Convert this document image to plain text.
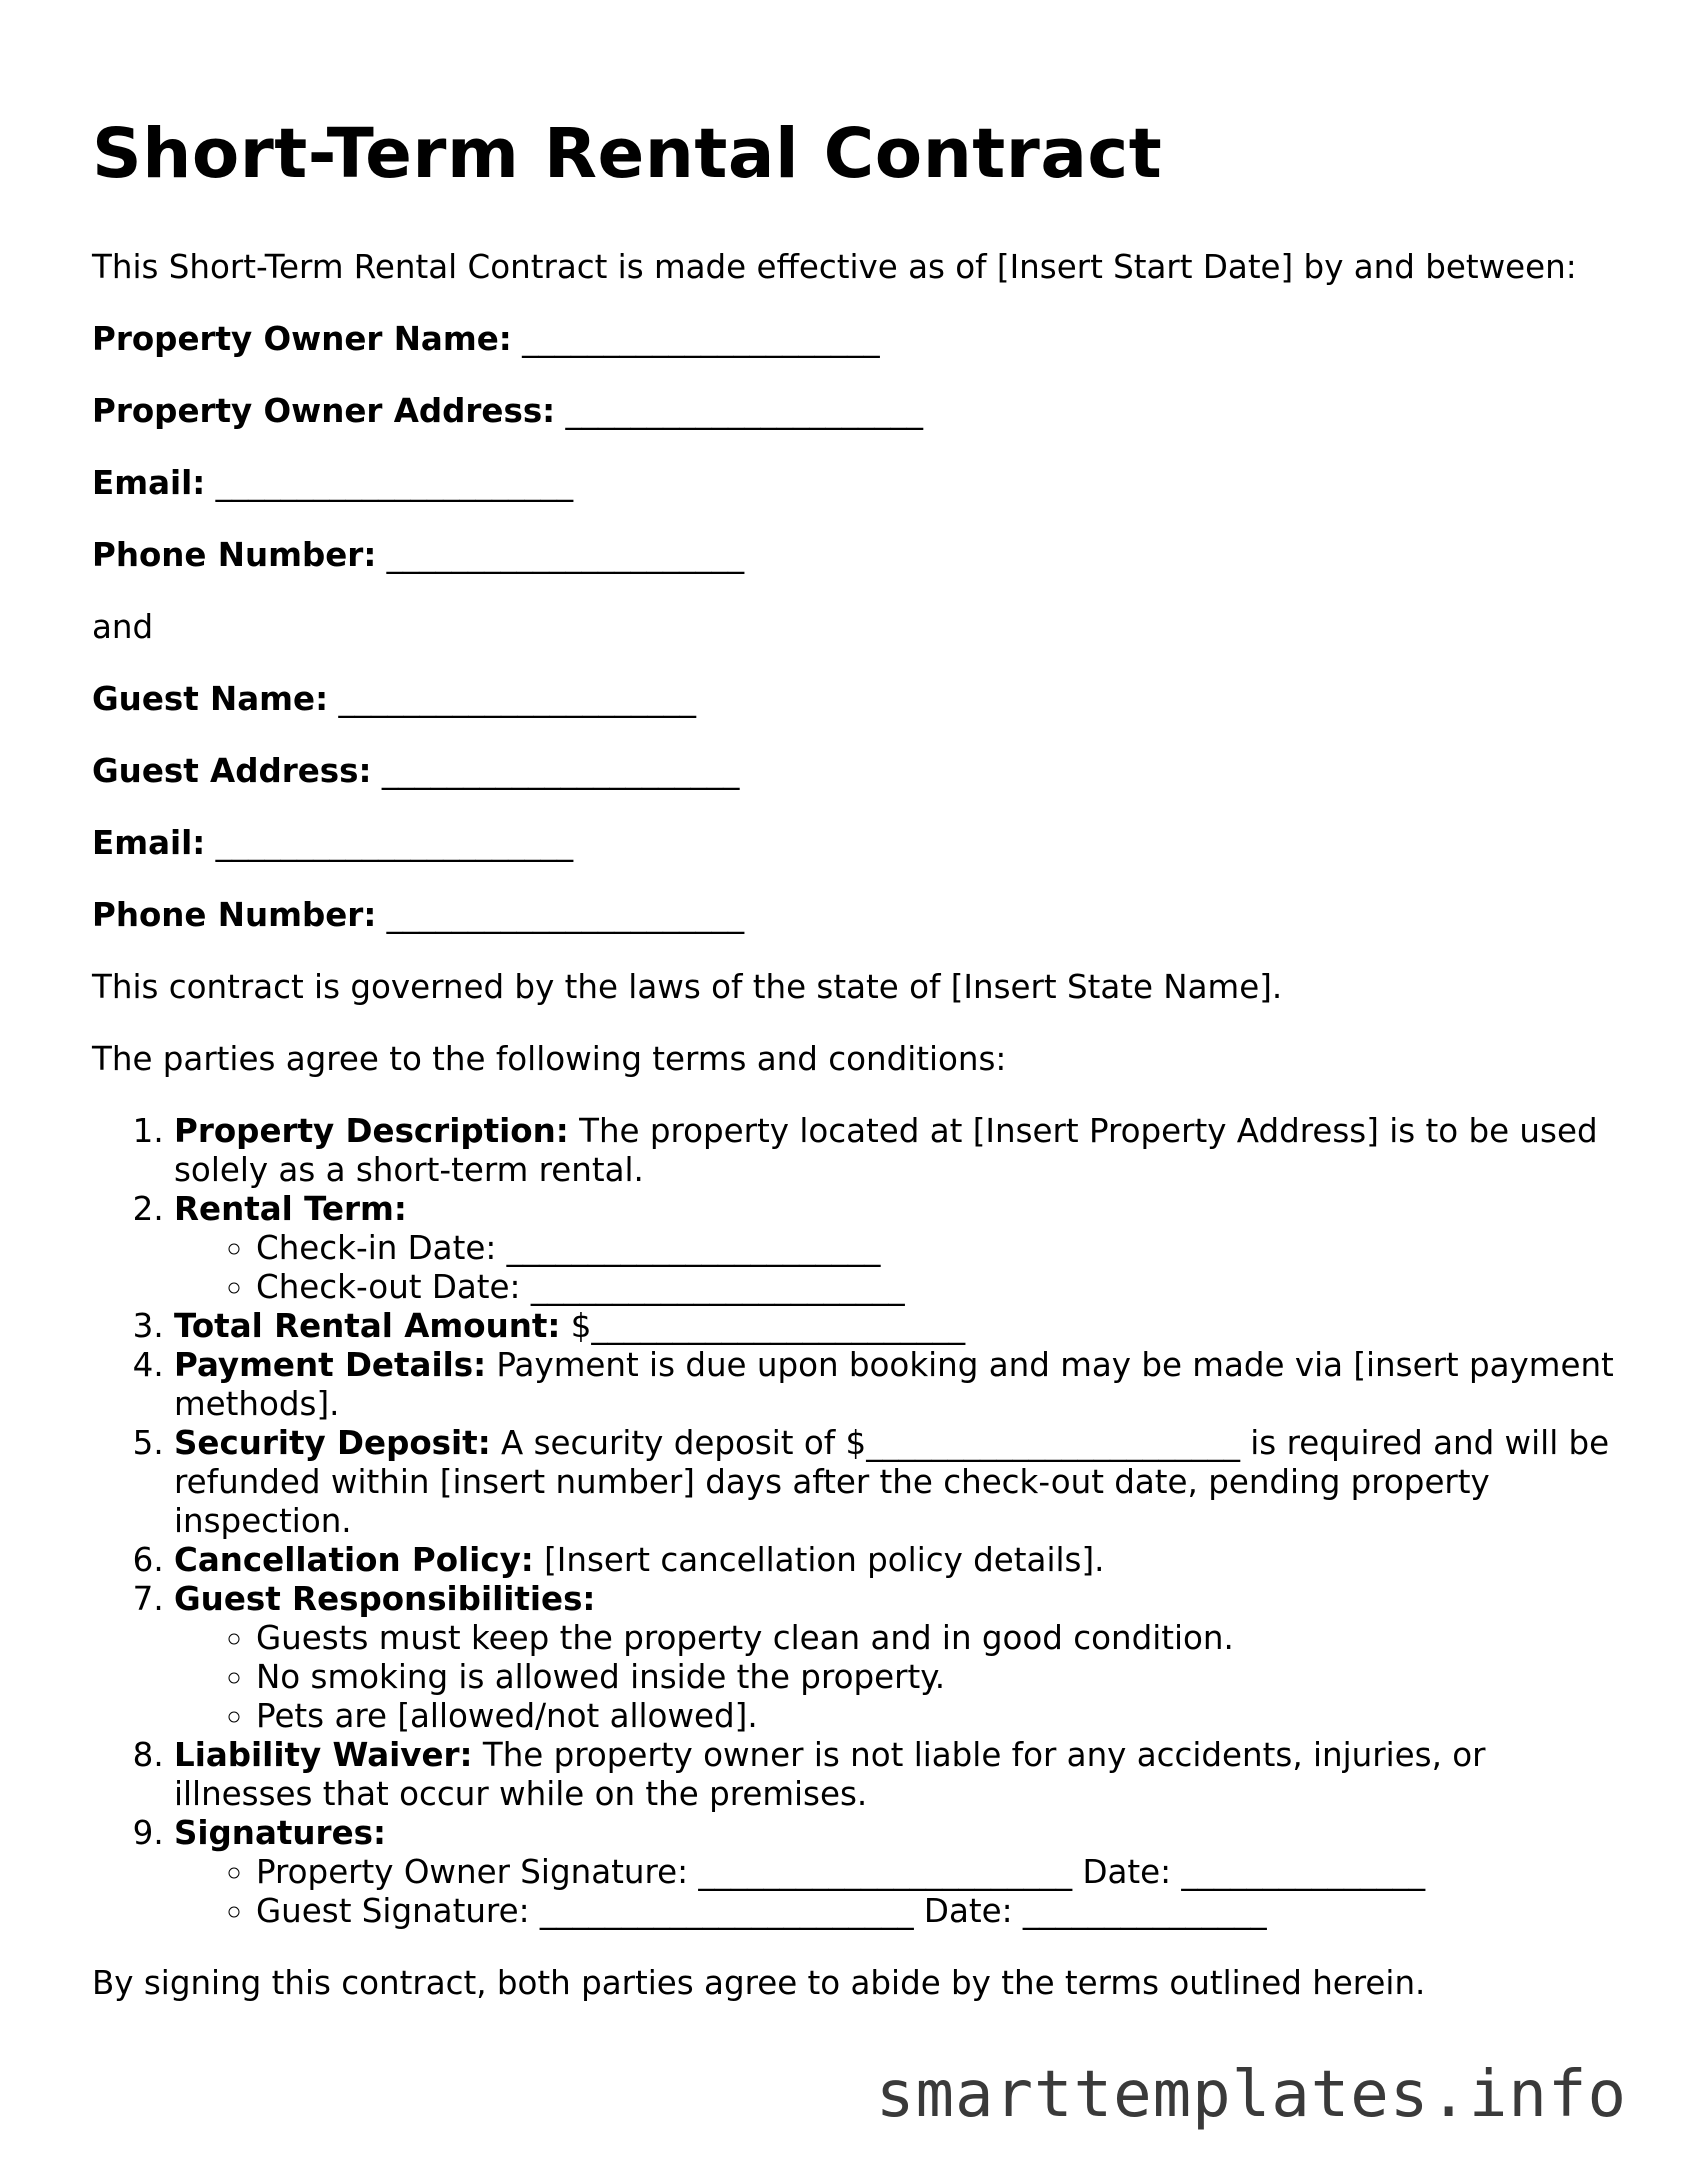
Short-Term Rental Contract

This Short-Term Rental Contract is made effective as of [Insert Start Date] by and between:

Property Owner Name: ______________________

Property Owner Address: ______________________

Email: ______________________

Phone Number: ______________________

and

Guest Name: ______________________

Guest Address: ______________________

Email: ______________________

Phone Number: ______________________

This contract is governed by the laws of the state of [Insert State Name].

The parties agree to the following terms and conditions:

1. Property Description: The property located at [Insert Property Address] is to be used solely as a short-term rental.
2. Rental Term:
◦ Check-in Date: _______________________
◦ Check-out Date: _______________________
3. Total Rental Amount: $_______________________
4. Payment Details: Payment is due upon booking and may be made via [insert payment methods].
5. Security Deposit: A security deposit of $_______________________ is required and will be refunded within [insert number] days after the check-out date, pending property inspection.
6. Cancellation Policy: [Insert cancellation policy details].
7. Guest Responsibilities:
◦ Guests must keep the property clean and in good condition.
◦ No smoking is allowed inside the property.
◦ Pets are [allowed/not allowed].
8. Liability Waiver: The property owner is not liable for any accidents, injuries, or illnesses that occur while on the premises.
9. Signatures:
◦ Property Owner Signature: _______________________ Date: _______________
◦ Guest Signature: _______________________ Date: _______________

By signing this contract, both parties agree to abide by the terms outlined herein.

smarttemplates.info
